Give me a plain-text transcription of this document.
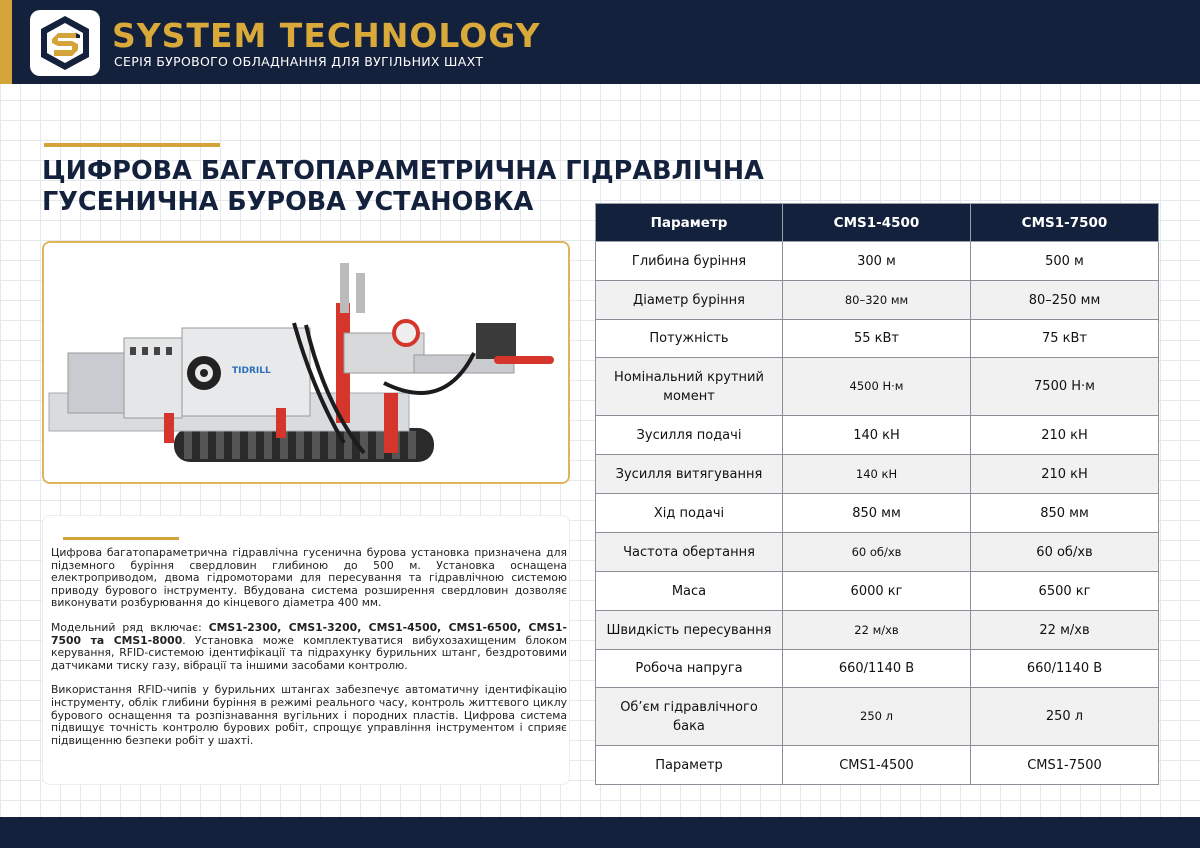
SYSTEM TECHNOLOGY
СЕРІЯ БУРОВОГО ОБЛАДНАННЯ ДЛЯ ВУГІЛЬНИХ ШАХТ
ЦИФРОВА БАГАТОПАРАМЕТРИЧНА ГІДРАВЛІЧНА
ГУСЕНИЧНА БУРОВА УСТАНОВКА
TIDRILL

Цифрова багатопараметрична гідравлічна гусенична бурова установка призначена для підземного буріння свердловин глибиною до 500 м. Установка оснащена електроприводом, двома гідромоторами для пересування та гідравлічною системою приводу бурового інструменту. Вбудована система розширення свердловин дозволяє виконувати розбурювання до кінцевого діаметра 400 мм.

Модельний ряд включає: CMS1-2300, CMS1-3200, CMS1-4500, CMS1-6500, CMS1-7500 та CMS1-8000. Установка може комплектуватися вибухозахищеним блоком керування, RFID-системою ідентифікації та підрахунку бурильних штанг, бездротовими датчиками тиску газу, вібрації та іншими засобами контролю.

Використання RFID-чипів у бурильних штангах забезпечує автоматичну ідентифікацію інструменту, облік глибини буріння в режимі реального часу, контроль життєвого циклу бурового оснащення та розпізнавання вугільних і породних пластів. Цифрова система підвищує точність контролю бурових робіт, спрощує управління інструментом і сприяє підвищенню безпеки робіт у шахті.

Параметр	CMS1-4500	CMS1-7500
Глибина буріння	300 м	500 м
Діаметр буріння	80–320 мм	80–250 мм
Потужність	55 кВт	75 кВт
Номінальний крутний момент	4500 Н·м	7500 Н·м
Зусилля подачі	140 кН	210 кН
Зусилля витягування	140 кН	210 кН
Хід подачі	850 мм	850 мм
Частота обертання	60 об/хв	60 об/хв
Маса	6000 кг	6500 кг
Швидкість пересування	22 м/хв	22 м/хв
Робоча напруга	660/1140 В	660/1140 В
Об’єм гідравлічного бака	250 л	250 л
Параметр	CMS1-4500	CMS1-7500
